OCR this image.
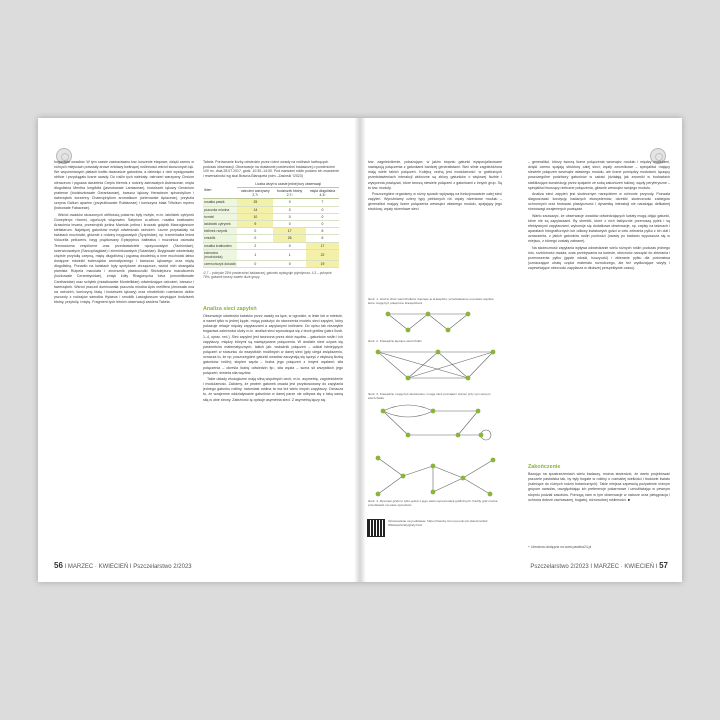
bogactwie owadów. W tym czasie zastosowano tzw. koszenie etapowe, dzięki czemu w różnych miejscach powstały arowe enklawy kwitnącej roślinności wśród skoszonych łąk. We wspomnianych płatach kwitło dwanaście gatunków, a dziewięć z nich występowało obficie i przyciągało liczne owady. Do roślin tych należały: ostrożeń warzywny Cirsium oleraceum i pępawa dwuletnia Crepis biennis z rodziny astrowatych Asteraceae, mięta długolistna Mentha longifolia (jasnotowate Lamiaceae), bodziszek łąkowy Geranium pratense (bodziszkowate Geraniaceae), barszcz łąkowy Heracleum sphondylium i świerząbek korzenny Chaerophyllum aromaticum (selerowate Apiaceae), przytulia czepna Galium aparine (przytulikowate Rubiaceae) i koniczyna biała Trifolium repens (bobowate Fabaceae).

Wśród owadów skuszonych obfitością pokarmu były motyle, m.in. latolistek cytrynek Gonepteryx rhamni, ogończyk wiązowiec Satyrium w-album, rusałka kratkowiec Araschnia levana, przestrojnik jurtina Maniola jurtina i kruczak gołębik Macroglossum stellatarum. Najwięcej gatunków motyli odwiedzało ostrożeń. Liczne przysiadały na kwiatach muchówki, głównie z rodziny bzygowatych (Syrphidae), np. trzmielówka leśna Volucella pellucens, bzyg prążkowany Episyrphus balteatus i mozolnica osowata Temnostoma vespiforme oraz przedstawiciele rączycowatych (Tachinidae), ścierwicowatych (Sarcophagidae) i ziemiórkowatych (Sciaridae). Bzygowate odwiedzały chętnie przytulię czepną, miętę długolistną i pępawę dwuletnią a inne muchówki łatwo dostępne miodniki świerząbka aromatycznego i barszczu łąkowego oraz miętę długolistną. Ponadto na kwiatach były spotykane chrząszcze, wśród nich strangalia plamista Rutpela maculata i zmorsznik płaskoczułki Stictoleptura maculicornis (kózkowate Cerambycidae), zmięk żółty Rhagonycha fulva (omomiłkowate Cantharidae) oraz schyłek (miastkowate Mordellidae) odwiedzające ostrożeń, barszcz i świerząbek. Wśród pszczół dominowała pszczoła miodna Apis mellifera (żerowała ona na ostrożeń, koniczynę białą i bodziszek łąkowy) oraz niewielkich rozmiarów dzikie pszczoły z rodzajów samotka Hylaeus i smuklik Lasioglossum wizytujące bodziszek błotny, przytulię i miętę. Fragment tych letnich obserwacji zawiera Tabela.

Tabela. Porównanie liczby odwiedzin przez różne owady na roślinach kwitnących podczas obserwacji. Obserwacje na dostawnie powierzchni badawczej o powierzchni 100 m², dnia 28.07.2017, godz. 10:30–14:00. Pod nazwami roślin podano ich znaczenie i rewersalność wg skal Brauna-Blanqueta (wim –Zasinski ′/2023)
Ibień	Liczba wizyt w czasie jednej tury obserwacji		
	ostrożeń warzywny 2,7¹	bodziszek błotny 2,7¹	mięta długolistna 4,3²
rusałka pawik	25	0	7
pszczoła miodna	14	0	0
trzmiel	10	0	0
latolistek cytrynek	9	0	0
bielinek rzepnik	0	17	6
smuklik	0	26	6
rusałka kratkowiec	2	0	17
ścierwica (muchówka)	1	1	22
czerwończyk dukacik	0	0	19
¹2,7 – pokrycie 25% powierzchni badawczej, gatunek występuje pojedynczo; 4,3 – pokrycie 75%, gatunek tworzy zwarte duże grupy.
Analiza sieci zapyleń

Obserwacje odwiedzin kwiatów przez owady na łące, w ogrodzie, w lesie lub w mieście, a nawet tylko w jednej kępie, mogą posłużyć do stworzenia modelu sieci zapyleń, który pokazuje relacje między zapylaczami a zapylanymi roślinami. Do opisu tak niezwykle bogactwa zależności służy m.in. analiza sieci wywodząca się z teorii grafów (patrz Ilustr. 1–4, oprac. red.). Sieć zapyleń jest tworzona przez zbiór węzłów – gatunków roślin i ich zapylaczy, między którymi są nawiązywane połączenia. W analizie sieci używa się parametrów matematycznych, takich jak: wskaźnik połączeń – udział istniejących połączeń w stosunku do wszystkich możliwych w danej sieci (gdy ulega zwiększeniu, oznacza to, że np. poszczególne gatunki owadów zaczynają się łączyć z większą liczbą gatunków roślin); stopień węzła – liczba jego połączeń z innymi węzłami; siła połączenia – określa liczbę odwiedzin itp.; siła węzła – suma sił wszystkich jego połączeń; średnia siła węzłów.

Takie układy ekologiczne mają silną współnych cech, m.in. asymetrię, zagnieżdżenie i modularność. Załóżmy, że pewien gatunek owada jest przystosowany do zapylania jednego gatunku rośliny, natomiast roślina ta ma też wielu innych zapylaczy. Oznacza to, że wzajemne oddziaływanie gatunków w danej parze nie odbywa się z taką samą siłą w obie strony. Zależność tę opisuje asymetria sieci. Z asymetrią łączy się

56 I MARZEC · KWIECIEŃ I Pszczelarstwo 2/2023

tzw. zagnieżdżenie, pokazujące, w jakim stopniu gatunki wyspecjalizowane nawiązują połączenia z gatunkami bardziej generalistami. Sieć silnie zagnieżdżona mają wiele takich połączeń. Kolejną cechą jest modularność: w graficznych przedstawieniach interakcji widoczne są zbiory gatunków o większej liczbie i wysycenia powiązań, które tworzą niewiele połączeń z gatunkami z innych grup. Są to tzw. moduły.

Poszczególne organizmy w różny sposób wpływają na funkcjonowanie całej sieci zapyleń. Wyróżniamy cztery typy pełnionych ról: węzły rdzeniowe modułu – generaliści mający liczne połączenia wewnątrz własnego modułu, spajający jego strukturę; węzły rdzeniowe sieci

Ilustr. 1. Graf to zbiór wierzchołków i łączące je krawędzie; przedstawione w postaci węzłów, które mogą być połączone krawędziami
Ilustr. 2. Krawędzie łączące wierzchołki
Ilustr. 3. Krawędzie mogą być wielokrotne i mogą mieć początek i koniec przy tym samym wierzchołku
Ilustr. 4. Rysunek grafu to tylko jedna z jego wielu reprezentacji graficznych. Każdy graf można przedstawić na wiele sposobów
Opracowanie na podstawie: https://zasoby.mnm.pw.edu.pl/~tkaczmarski/ Wikiwsp/Grafy/grafy.html

– generaliści, którzy tworzą liczne połączenia wewnątrz modułu i między modułami, dzięki czemu spajają strukturę całej sieci; węzły zwornikowe – specjaliści mający niewiele połączeń wewnątrz własnego modułu, ale liczne pomiędzy modułami, łączący poszczególne podzbiory gatunków w całość (działają jak zworniki w budowlach stabilizujące konstrukcję przez spajanie ze sobą zakończeń łuków); węzły peryferyczne – specjaliści tworzący nieliczne połączenia, głównie wewnątrz swojego modułu.

Analiza sieci zapyleń jest skutecznym narzędziem w ochronie przyrody. Pozwala diagnozować kondycję badanych ekosystemów, określić skuteczność zabiegów ochronnych oraz testować plastyczność i dynamikę interakcji nie narażając delikatnej równowagi wzajemnych powiązań.

Warto zauważyć, że obserwacje owadów odwiedzających kwiaty mogą objąć gatunki, które nie są zapylaczami. By określić, które z nich faktycznie przenoszą pyłek i są efektywnymi zapylaczami, wykonuje się dodatkowe obserwacje, np. zapisy na taśmach i aparatach fotograficznych lub odłowy kwiatowych gości w celu zebrania pyłku z ich ciał i oznaczenia, z jakich gatunków roślin pochodzi (owady po badaniu wypuszcza się w miejscu, z którego zostały zabrane).

Na skuteczność zapylania wpływa odwiedzanie wielu różnych roślin podczas jednego lotu, rozbiórność owada, czas przebywania na kwiecie, obecność narządzi do zbierania i przenoszenia pyłku (gęste włoski, koszyczki) i zbieranie pyłku dla potomstwa (oznaczające utratę części materiału rozrodczego, ale też wydłużające wizyty i zapewniające obecność zapylacza w dłuższej perspektywie czasu).

Zakończenie

Bazując na spostrzeżeniach wielu badaczy, można stwierdzić, że warto projektować pszczele pastwiska tak, by były bogate w rośliny o rozmaitej wielkości i budowie kwiatu (należące do różnych rodzin botanicznych). Takie miejsca zapewnią pożywienie różnym grupom owadów, uwzględniając ich preferencje pokarmowe i umożliwiając w pewnym stopniu podział zasobów. Pomogą nam w tym obserwacje w naturze oraz pielęgnacja i ochrona dobrze zachowanej, bogatej, różnorodnej roślinności. ■

+ Literatura dostępna na www.pasieka24.pl
Pszczelarstwo 2/2023 I MARZEC · KWIECIEŃ I 57
